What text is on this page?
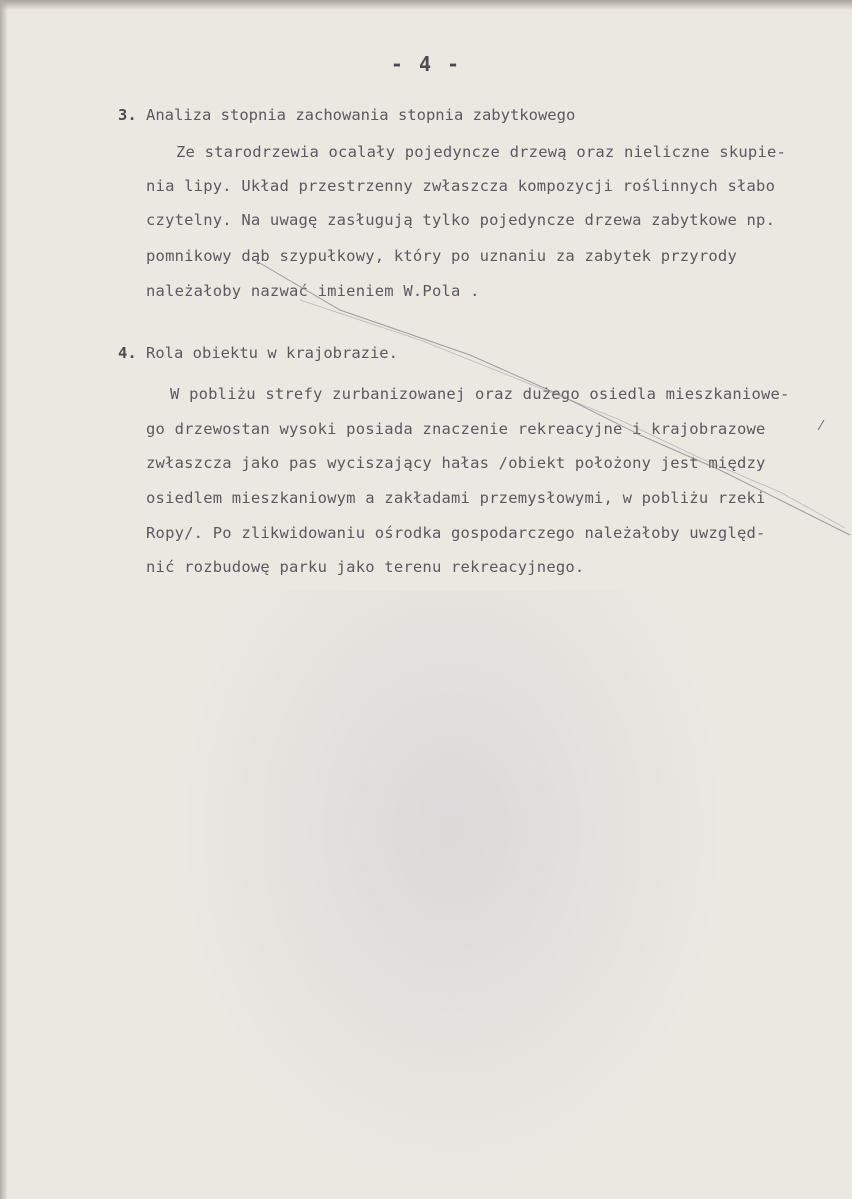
- 4 -
3. Analiza stopnia zachowania stopnia zabytkowego
Ze starodrzewia ocalały pojedyncze drzewą oraz nieliczne skupie-
nia lipy. Układ przestrzenny zwłaszcza kompozycji roślinnych słabo
czytelny. Na uwagę zasługują tylko pojedyncze drzewa zabytkowe np.
pomnikowy dąb szypułkowy, który po uznaniu za zabytek przyrody
należałoby nazwać imieniem W.Pola .
4. Rola obiektu w krajobrazie.
W pobliżu strefy zurbanizowanej oraz dużego osiedla mieszkaniowe-
go drzewostan wysoki posiada znaczenie rekreacyjne i krajobrazowe
zwłaszcza jako pas wyciszający hałas /obiekt położony jest między
osiedlem mieszkaniowym a zakładami przemysłowymi, w pobliżu rzeki
Ropy/. Po zlikwidowaniu ośrodka gospodarczego należałoby uwzględ-
nić rozbudowę parku jako terenu rekreacyjnego.
